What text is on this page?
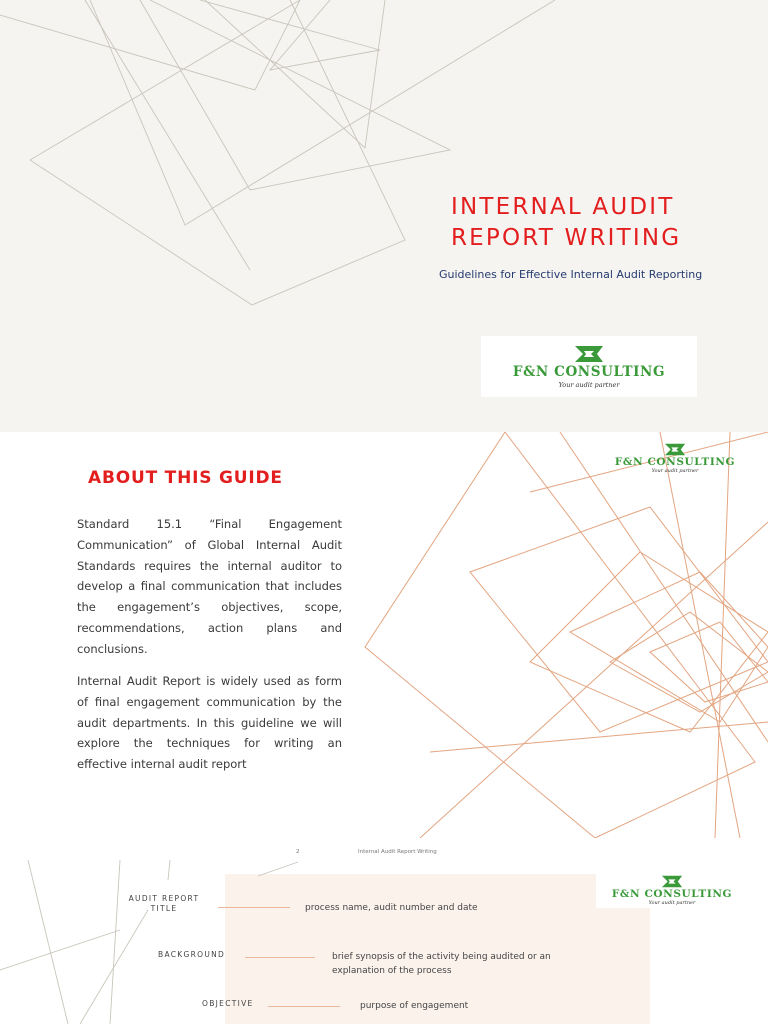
INTERNAL AUDIT
REPORT WRITING
Guidelines for Effective Internal Audit Reporting
F&N CONSULTING
Your audit partner
F&N CONSULTING
Your audit partner
ABOUT THIS GUIDE

Standard 15.1 “Final Engagement Communication” of Global Internal Audit Standards requires the internal auditor to develop a final communication that includes the engagement’s objectives, scope, recommendations, action plans and conclusions.

Internal Audit Report is widely used as form of final engagement communication by the audit departments. In this guideline we will explore the techniques for writing an effective internal audit report

2	Internal Audit Report Writing
F&N CONSULTING
Your audit partner
AUDIT REPORT
TITLE	process name, audit number and date
BACKGROUND	brief synopsis of the activity being audited or an explanation of the process
OBJECTIVE	purpose of engagement
